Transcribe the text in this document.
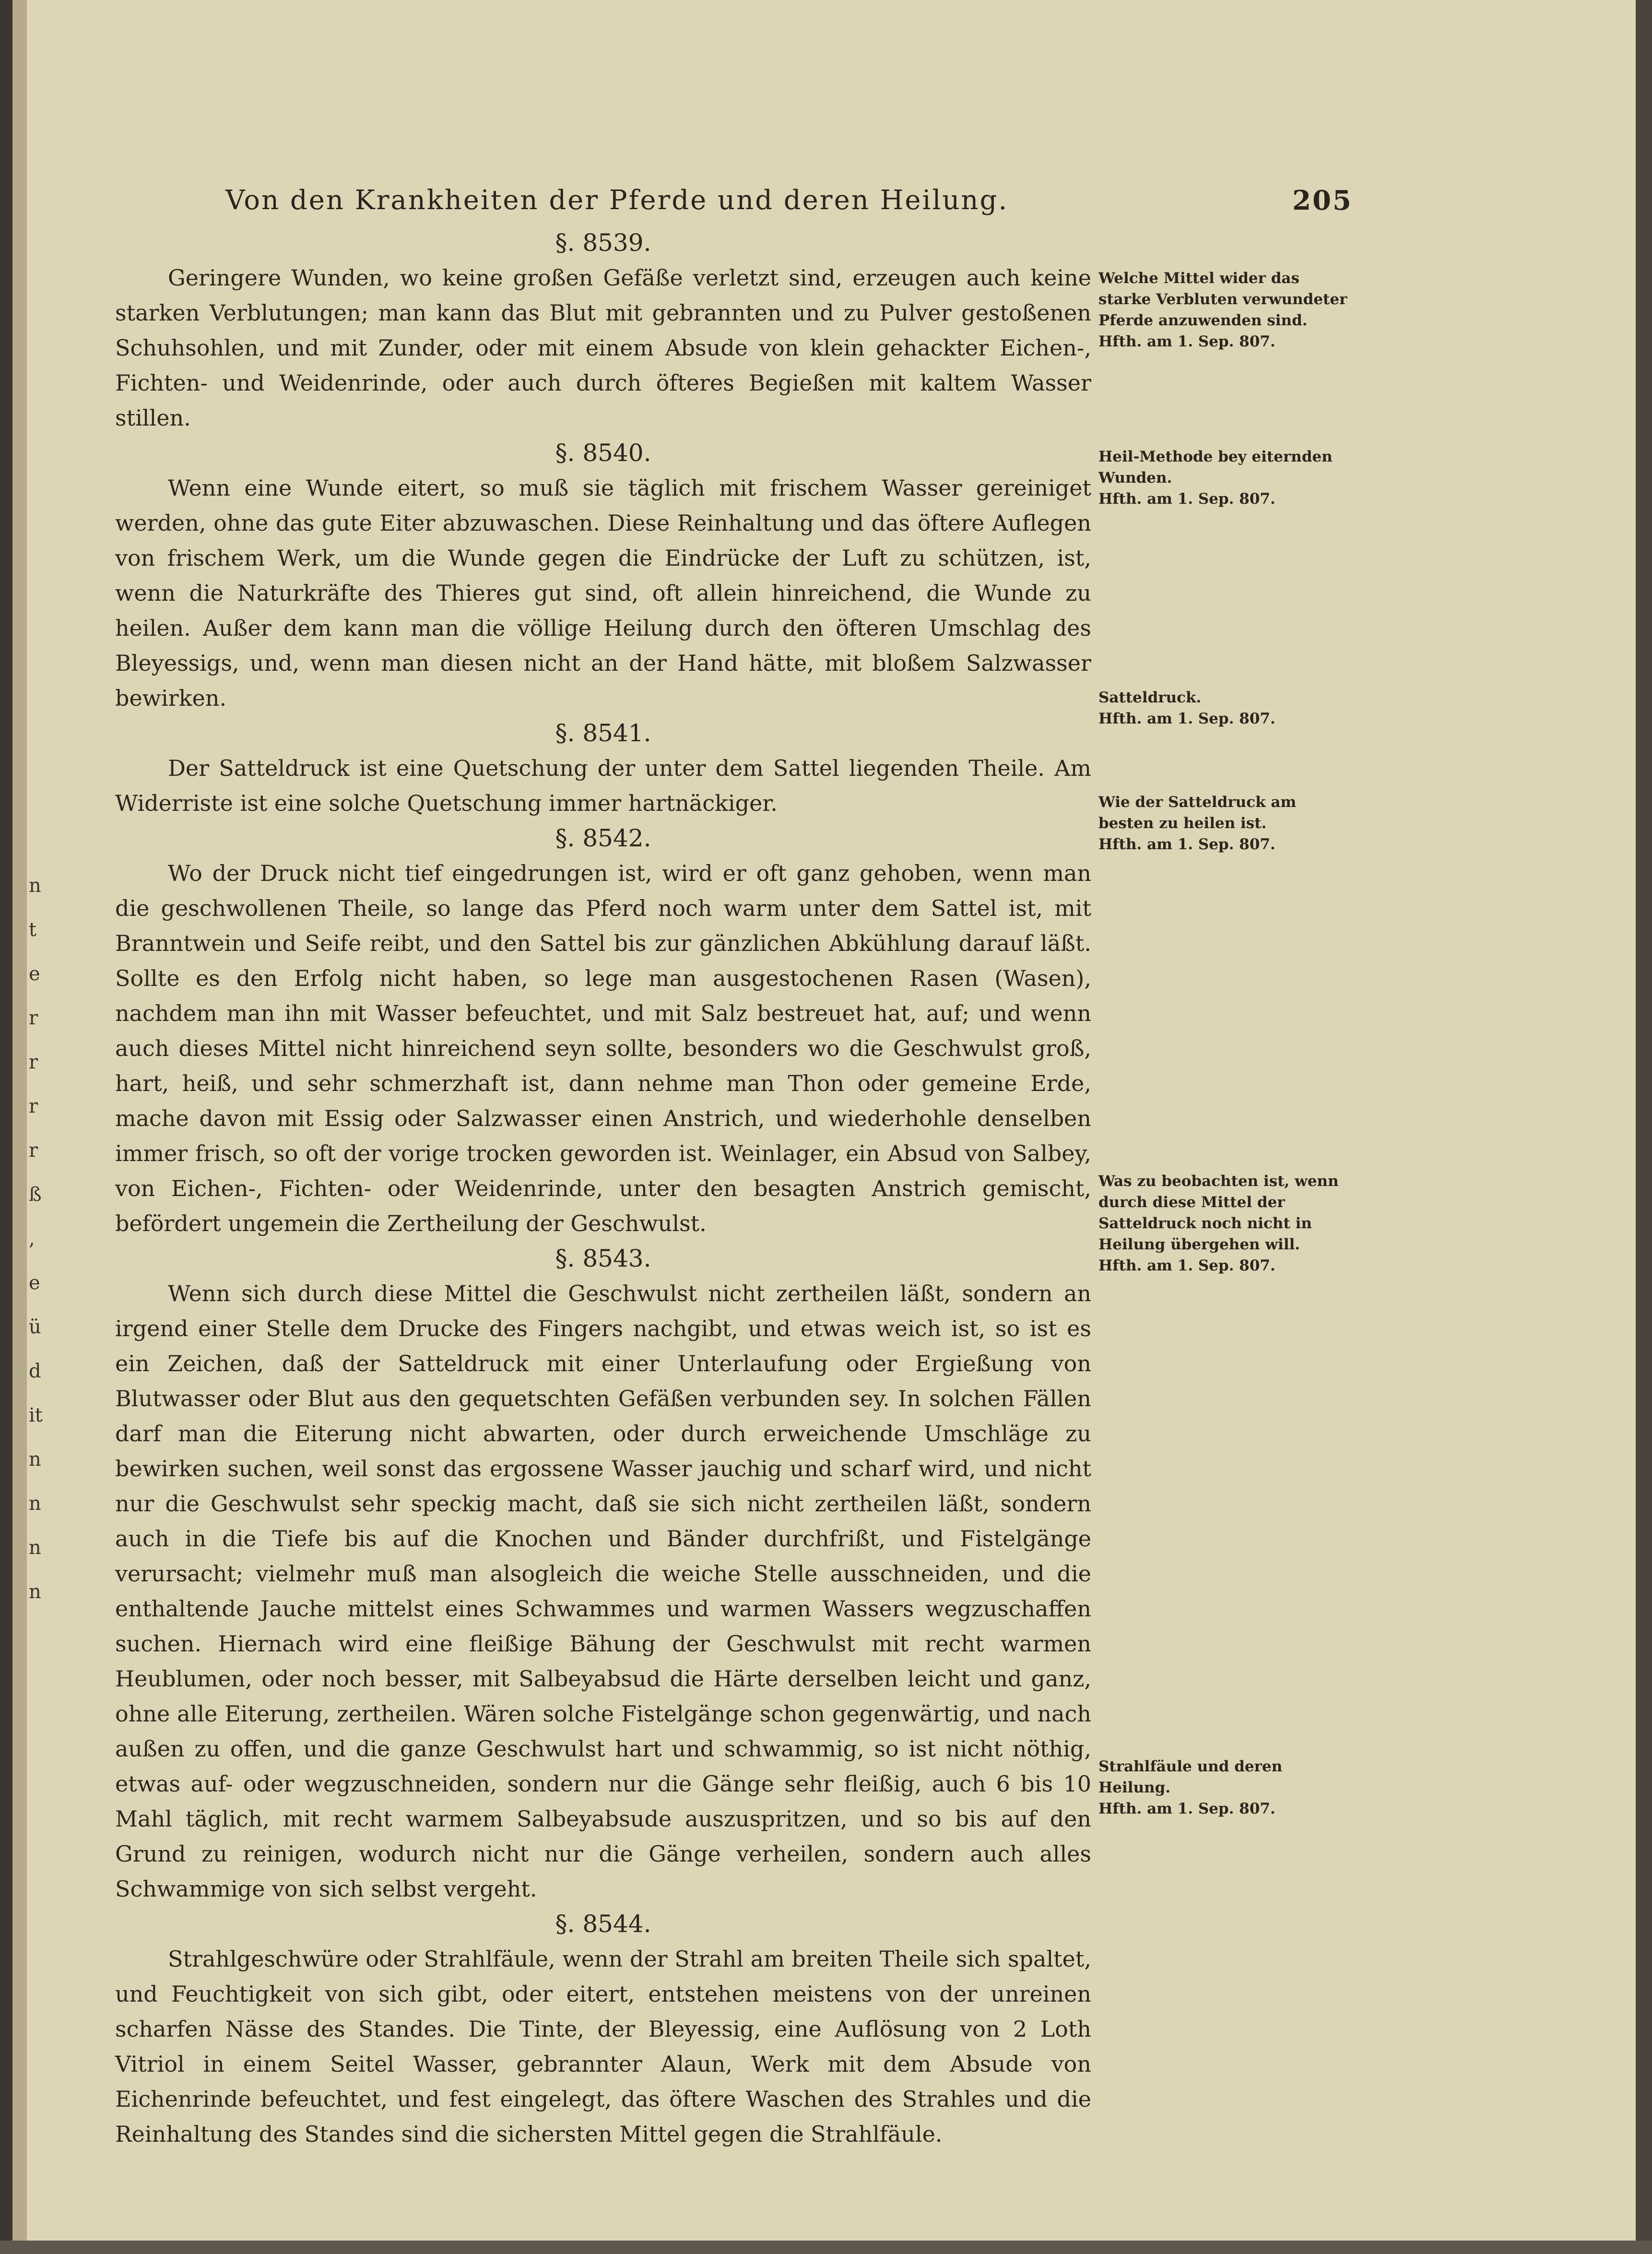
n
t
e
r
r
r
r
ß
,
e
ü
d
it
n
n
n
n
Von den Krankheiten der Pferde und deren Heilung.	205
§. 8539.

Geringere Wunden, wo keine großen Gefäße verletzt sind, erzeugen auch keine starken Verblutungen; man kann das Blut mit gebrannten und zu Pulver gestoßenen Schuhsohlen, und mit Zunder, oder mit einem Absude von klein gehackter Eichen-, Fichten- und Weidenrinde, oder auch durch öfteres Begießen mit kaltem Wasser stillen.

§. 8540.

Wenn eine Wunde eitert, so muß sie täglich mit frischem Wasser gereiniget werden, ohne das gute Eiter abzuwaschen. Diese Reinhaltung und das öftere Auflegen von frischem Werk, um die Wunde gegen die Eindrücke der Luft zu schützen, ist, wenn die Naturkräfte des Thieres gut sind, oft allein hinreichend, die Wunde zu heilen. Außer dem kann man die völlige Heilung durch den öfteren Umschlag des Bleyessigs, und, wenn man diesen nicht an der Hand hätte, mit bloßem Salzwasser bewirken.

§. 8541.

Der Satteldruck ist eine Quetschung der unter dem Sattel liegenden Theile. Am Widerriste ist eine solche Quetschung immer hartnäckiger.

§. 8542.

Wo der Druck nicht tief eingedrungen ist, wird er oft ganz gehoben, wenn man die geschwollenen Theile, so lange das Pferd noch warm unter dem Sattel ist, mit Branntwein und Seife reibt, und den Sattel bis zur gänzlichen Abkühlung darauf läßt. Sollte es den Erfolg nicht haben, so lege man ausgestochenen Rasen (Wasen), nachdem man ihn mit Wasser befeuchtet, und mit Salz bestreuet hat, auf; und wenn auch dieses Mittel nicht hinreichend seyn sollte, besonders wo die Geschwulst groß, hart, heiß, und sehr schmerzhaft ist, dann nehme man Thon oder gemeine Erde, mache davon mit Essig oder Salzwasser einen Anstrich, und wiederhohle denselben immer frisch, so oft der vorige trocken geworden ist. Weinlager, ein Absud von Salbey, von Eichen-, Fichten- oder Weidenrinde, unter den besagten Anstrich gemischt, befördert ungemein die Zertheilung der Geschwulst.

§. 8543.

Wenn sich durch diese Mittel die Geschwulst nicht zertheilen läßt, sondern an irgend einer Stelle dem Drucke des Fingers nachgibt, und etwas weich ist, so ist es ein Zeichen, daß der Satteldruck mit einer Unterlaufung oder Ergießung von Blutwasser oder Blut aus den gequetschten Gefäßen verbunden sey. In solchen Fällen darf man die Eiterung nicht abwarten, oder durch erweichende Umschläge zu bewirken suchen, weil sonst das ergossene Wasser jauchig und scharf wird, und nicht nur die Geschwulst sehr speckig macht, daß sie sich nicht zertheilen läßt, sondern auch in die Tiefe bis auf die Knochen und Bänder durchfrißt, und Fistelgänge verursacht; vielmehr muß man alsogleich die weiche Stelle ausschneiden, und die enthaltende Jauche mittelst eines Schwammes und warmen Wassers wegzuschaffen suchen. Hiernach wird eine fleißige Bähung der Geschwulst mit recht warmen Heublumen, oder noch besser, mit Salbeyabsud die Härte derselben leicht und ganz, ohne alle Eiterung, zertheilen. Wären solche Fistelgänge schon gegenwärtig, und nach außen zu offen, und die ganze Geschwulst hart und schwammig, so ist nicht nöthig, etwas auf- oder wegzuschneiden, sondern nur die Gänge sehr fleißig, auch 6 bis 10 Mahl täglich, mit recht warmem Salbeyabsude auszuspritzen, und so bis auf den Grund zu reinigen, wodurch nicht nur die Gänge verheilen, sondern auch alles Schwammige von sich selbst vergeht.

§. 8544.

Strahlgeschwüre oder Strahlfäule, wenn der Strahl am breiten Theile sich spaltet, und Feuchtigkeit von sich gibt, oder eitert, entstehen meistens von der unreinen scharfen Nässe des Standes. Die Tinte, der Bleyessig, eine Auflösung von 2 Loth Vitriol in einem Seitel Wasser, gebrannter Alaun, Werk mit dem Absude von Eichenrinde befeuchtet, und fest eingelegt, das öftere Waschen des Strahles und die Reinhaltung des Standes sind die sichersten Mittel gegen die Strahlfäule.

Welche Mittel wider das starke Verbluten verwundeter Pferde anzuwenden sind.
Hfth. am 1. Sep. 807.
Heil-Methode bey eiternden Wunden.
Hfth. am 1. Sep. 807.
Satteldruck.
Hfth. am 1. Sep. 807.
Wie der Satteldruck am besten zu heilen ist.
Hfth. am 1. Sep. 807.
Was zu beobachten ist, wenn durch diese Mittel der Satteldruck noch nicht in Heilung übergehen will.
Hfth. am 1. Sep. 807.
Strahlfäule und deren Heilung.
Hfth. am 1. Sep. 807.
